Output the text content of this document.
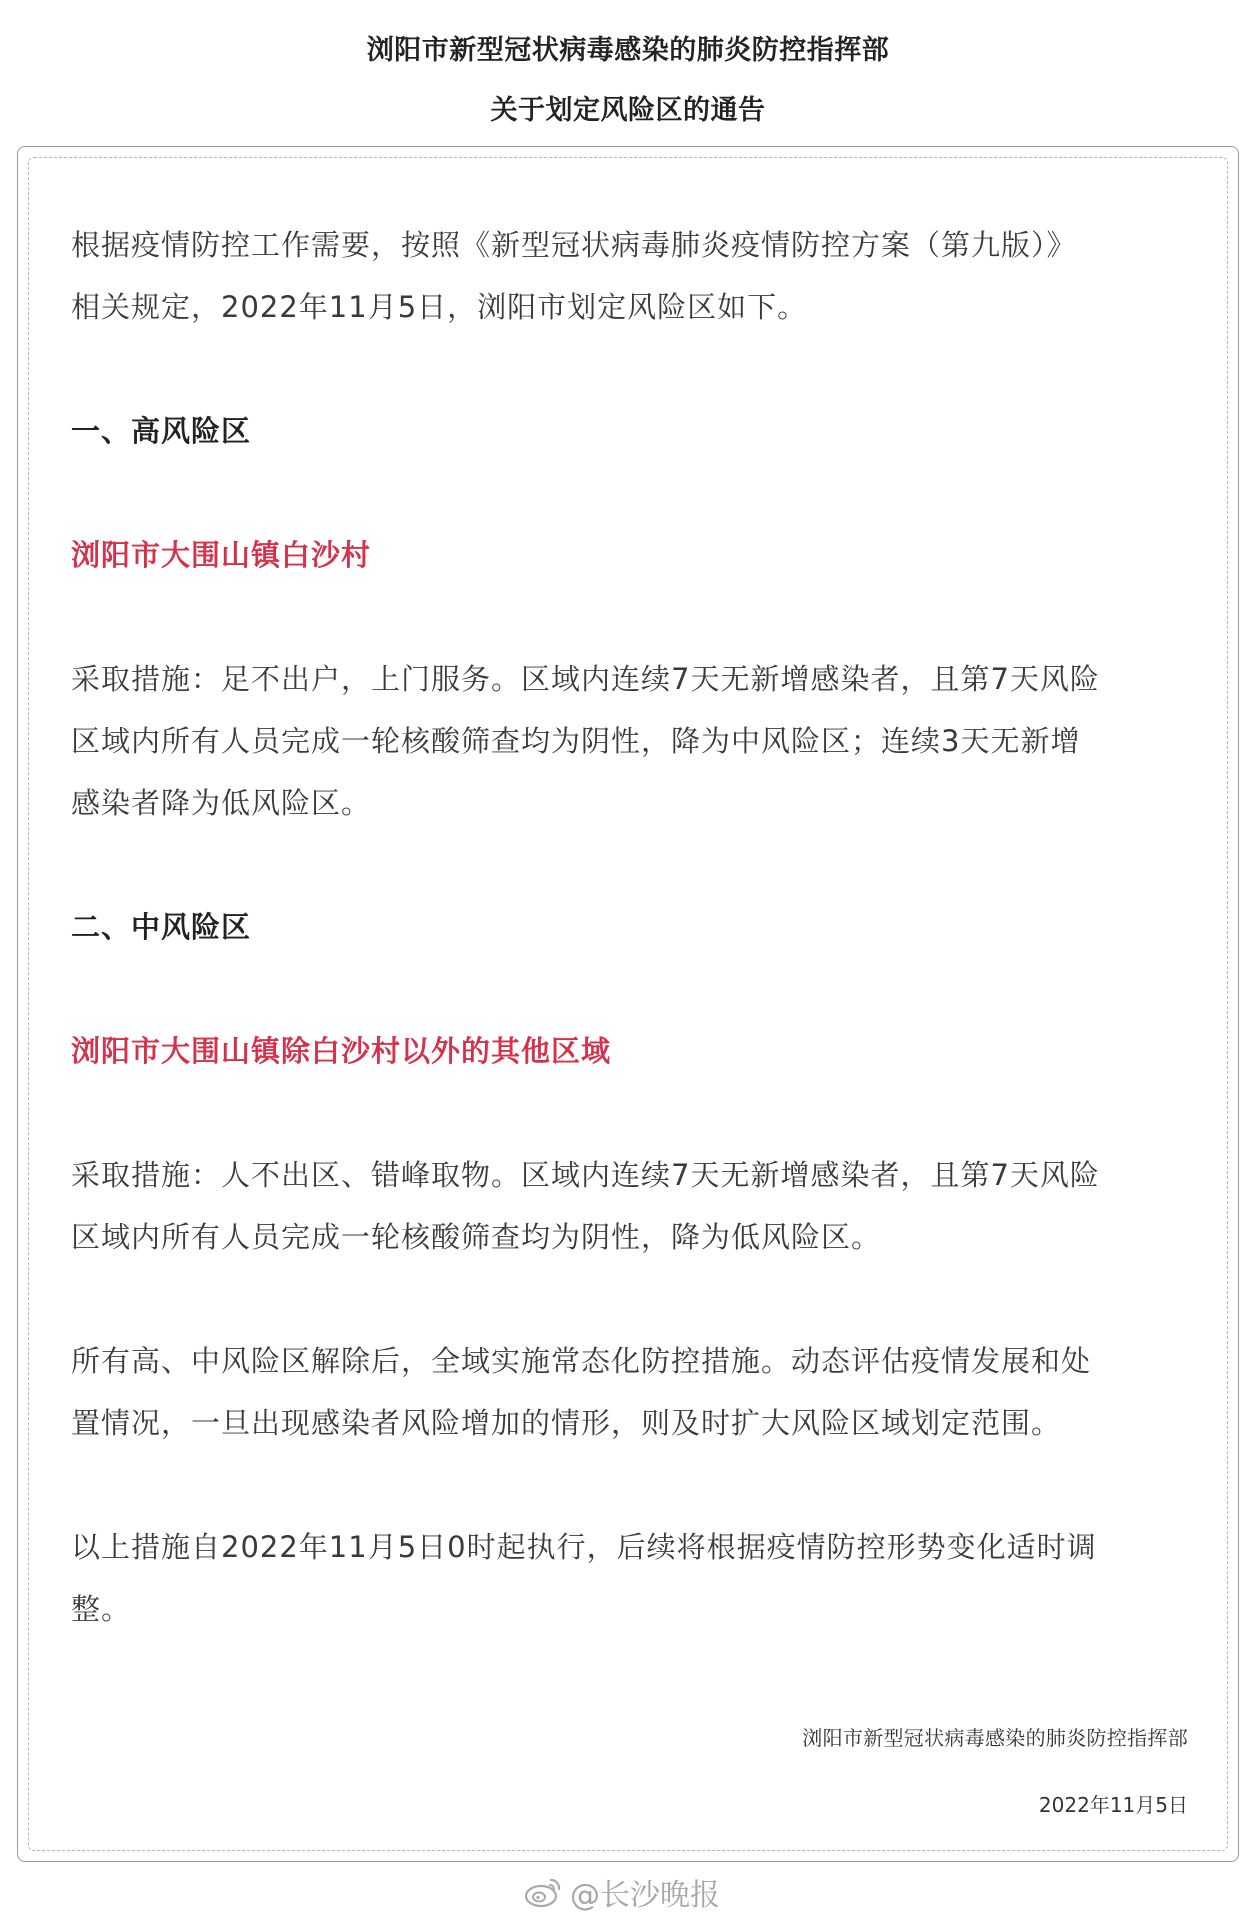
浏阳市新型冠状病毒感染的肺炎防控指挥部
关于划定风险区的通告

根据疫情防控工作需要，按照《新型冠状病毒肺炎疫情防控方案（第九版）》

相关规定，2022年11月5日，浏阳市划定风险区如下。

一、高风险区

浏阳市大围山镇白沙村

采取措施：足不出户，上门服务。区域内连续7天无新增感染者，且第7天风险

区域内所有人员完成一轮核酸筛查均为阴性，降为中风险区；连续3天无新增

感染者降为低风险区。

二、中风险区

浏阳市大围山镇除白沙村以外的其他区域

采取措施：人不出区、错峰取物。区域内连续7天无新增感染者，且第7天风险

区域内所有人员完成一轮核酸筛查均为阴性，降为低风险区。

所有高、中风险区解除后，全域实施常态化防控措施。动态评估疫情发展和处

置情况，一旦出现感染者风险增加的情形，则及时扩大风险区域划定范围。

以上措施自2022年11月5日0时起执行，后续将根据疫情防控形势变化适时调

整。

浏阳市新型冠状病毒感染的肺炎防控指挥部
2022年11月5日
@长沙晚报
